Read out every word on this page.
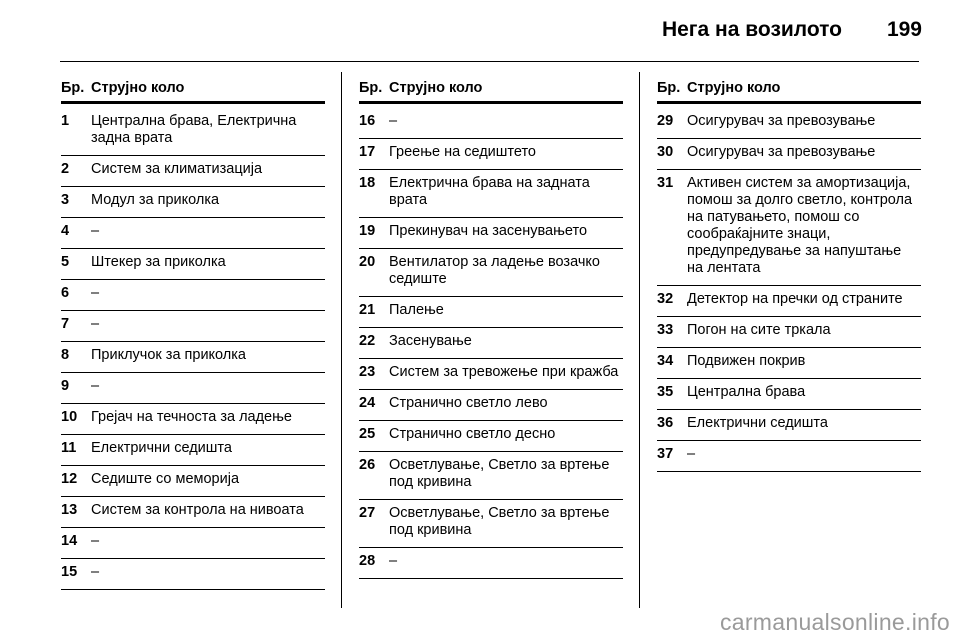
Нега на возилото 199
Бр. Струјно коло
1	Централна брава, Електрична задна врата
2	Систем за климатизација
3	Модул за приколка
4	–
5	Штекер за приколка
6	–
7	–
8	Приклучок за приколка
9	–
10 Грејач на течноста за ладење
11	Електрични седишта
12 Седиште со меморија
13 Систем за контрола на нивоата
14 –
15 –
Бр. Струјно коло
16 –
17 Греење на седиштето
18 Електрична брава на задната врата
19 Прекинувач на засенувањето
20 Вентилатор за ладење возачко седиште
21 Палење
22 Засенување
23 Систем за тревожење при кражба
24 Странично светло лево
25 Странично светло десно
26 Осветлување, Светло за вртење под кривина
27 Осветлување, Светло за вртење под кривина
28 –
Бр. Струјно коло
29 Осигурувач за превозување
30 Осигурувач за превозување
31 Активен систем за амортизација, помош за долго светло, контрола на патувањето, помош со сообраќајните знаци, предупредување за напуштање на лентата
32 Детектор на пречки од страните
33 Погон на сите тркала
34 Подвижен покрив
35 Централна брава
36 Електрични седишта
37 –
carmanualsonline.info
